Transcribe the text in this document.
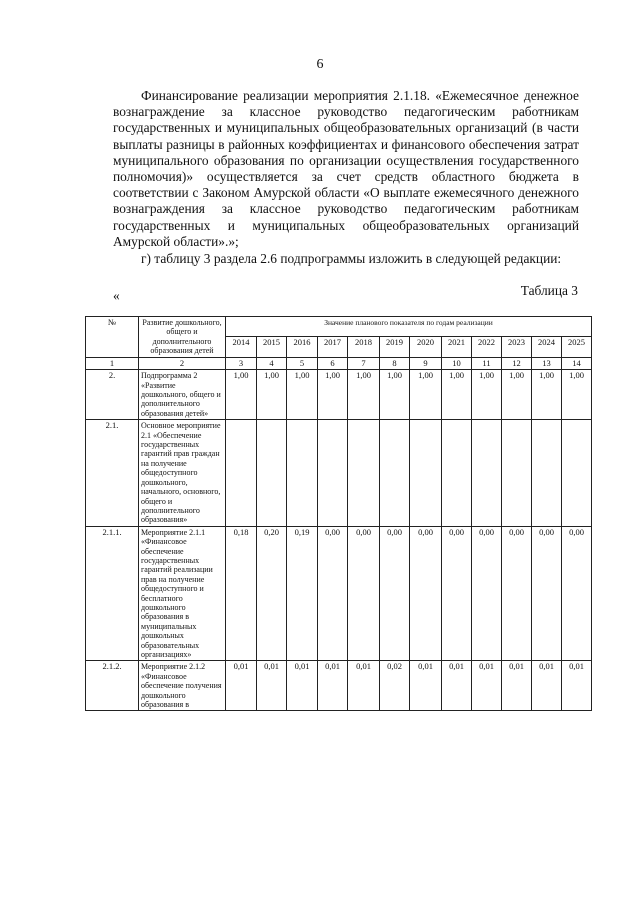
6

Финансирование реализации мероприятия 2.1.18. «Ежемесячное денежное вознаграждение за классное руководство педагогическим работникам государственных и муниципальных общеобразовательных организаций (в части выплаты разницы в районных коэффициентах и финансового обеспечения затрат муниципального образования по организации осуществления государственного полномочия)» осуществляется за счет средств областного бюджета в соответствии с Законом Амурской области «О выплате ежемесячного денежного вознаграждения за классное руководство педагогическим работникам государственных и муниципальных общеобразовательных организаций Амурской области».»;

г) таблицу 3 раздела 2.6 подпрограммы изложить в следующей редакции:

«	Таблица 3
№	Развитие дошкольного, общего и дополнительного образования детей	Значение планового показателя по годам реализации											
		2014	2015	2016	2017	2018	2019	2020	2021	2022	2023	2024	2025
1	2	3	4	5	6	7	8	9	10	11	12	13	14
2.	Подпрограмма 2 «Развитие дошкольного, общего и дополнительного образования детей»	1,00	1,00	1,00	1,00	1,00	1,00	1,00	1,00	1,00	1,00	1,00	1,00
2.1.	Основное мероприятие 2.1 «Обеспечение государственных гарантий прав граждан на получение общедоступного дошкольного, начального, основного, общего и дополнительного образования»												
2.1.1.	Мероприятие 2.1.1 «Финансовое обеспечение государственных гарантий реализации прав на получение общедоступного и бесплатного дошкольного образования в муниципальных дошкольных образовательных организациях»	0,18	0,20	0,19	0,00	0,00	0,00	0,00	0,00	0,00	0,00	0,00	0,00
2.1.2.	Мероприятие 2.1.2 «Финансовое обеспечение получения дошкольного образования в	0,01	0,01	0,01	0,01	0,01	0,02	0,01	0,01	0,01	0,01	0,01	0,01
